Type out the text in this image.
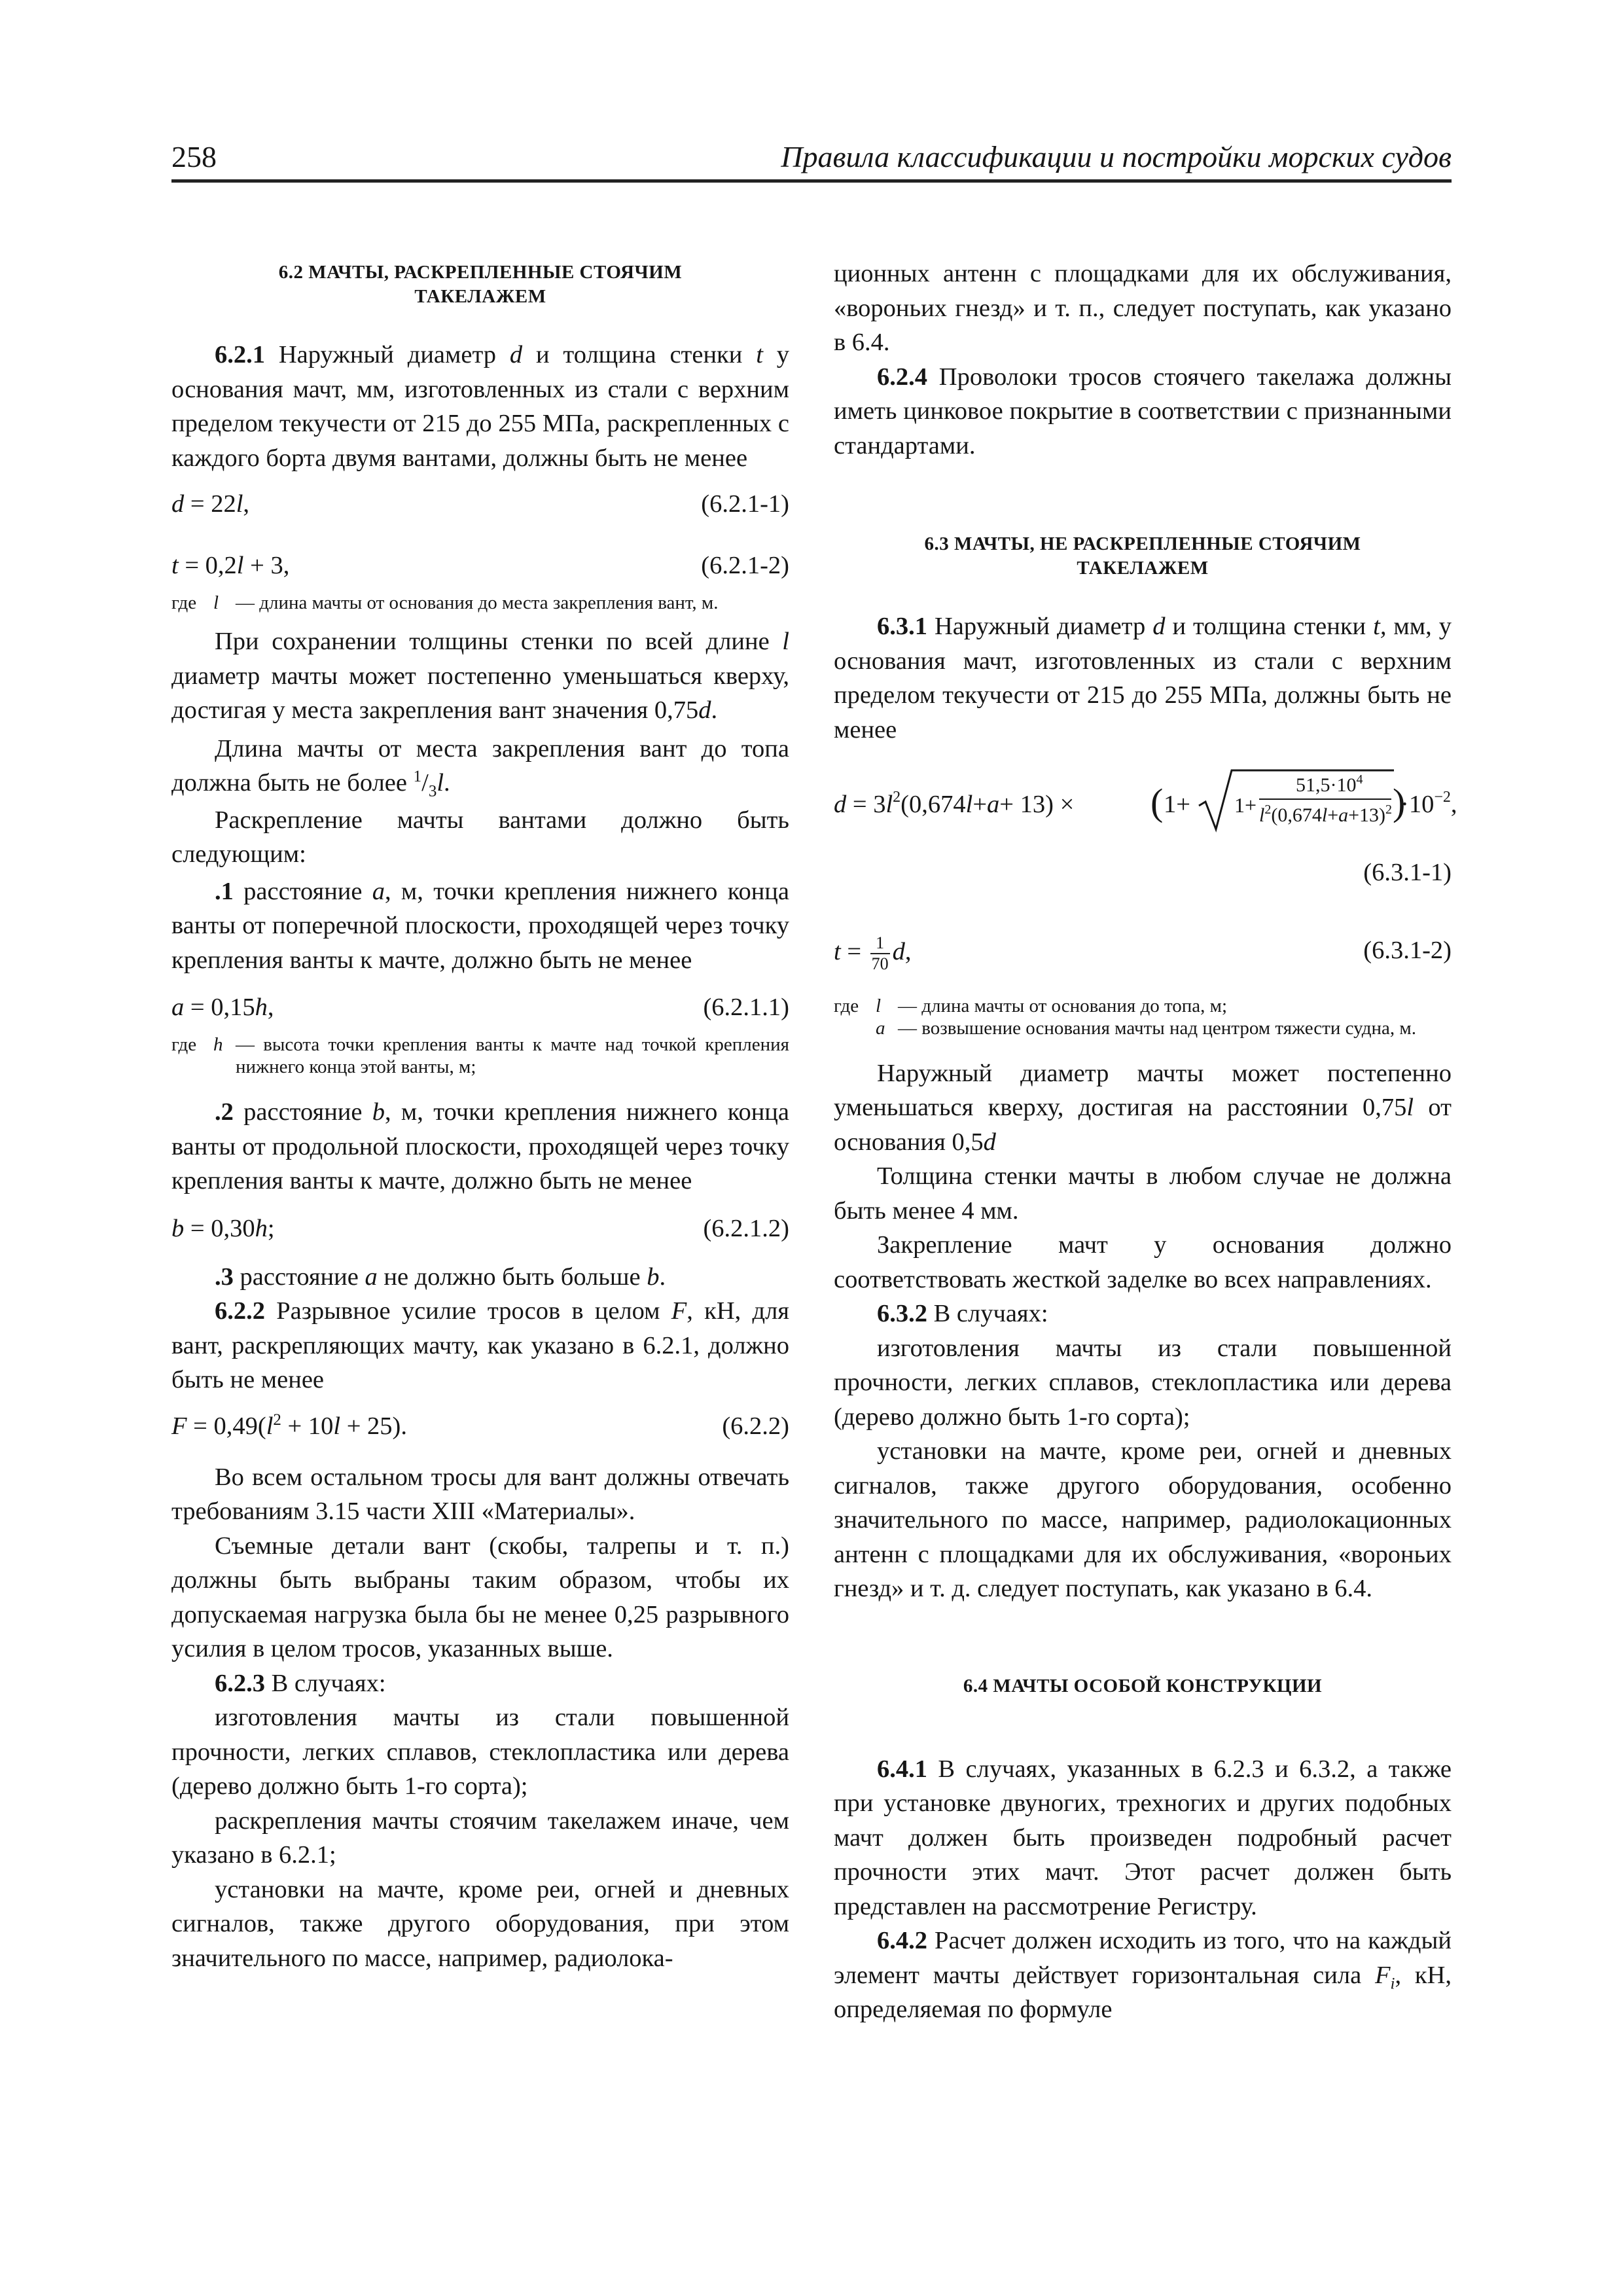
258	Правила классификации и постройки морских судов
6.2 МАЧТЫ, РАСКРЕПЛЕННЫЕ СТОЯЧИМ
ТАКЕЛАЖЕМ

6.2.1 Наружный диаметр d и толщина стенки t у основания мачт, мм, изготовленных из стали с верхним пределом текучести от 215 до 255 МПа, раскрепленных с каждого борта двумя вантами, должны быть не менее

d = 22l,	(6.2.1-1)
t = 0,2l + 3,	(6.2.1-2)
где l — длина мачты от основания до места закрепления вант, м.

При сохранении толщины стенки по всей длине l диаметр мачты может постепенно уменьшаться кверху, достигая у места закрепления вант значения 0,75d.

Длина мачты от места закрепления вант до топа должна быть не более $^1/_3l$.

Раскрепление мачты вантами должно быть следующим:

.1 расстояние a, м, точки крепления нижнего конца ванты от поперечной плоскости, проходящей через точку крепления ванты к мачте, должно быть не менее

a = 0,15h,	(6.2.1.1)
где h — высота точки крепления ванты к мачте над точкой крепления нижнего конца этой ванты, м;

.2 расстояние b, м, точки крепления нижнего конца ванты от продольной плоскости, проходящей через точку крепления ванты к мачте, должно быть не менее

b = 0,30h;	(6.2.1.2)

.3 расстояние a не должно быть больше b.

6.2.2 Разрывное усилие тросов в целом F, кН, для вант, раскрепляющих мачту, как указано в 6.2.1, должно быть не менее

$F = 0,49(l^2 + 10l + 25)$.	(6.2.2)

Во всем остальном тросы для вант должны отвечать требованиям 3.15 части XIII «Материалы».

Съемные детали вант (скобы, талрепы и т. п.) должны быть выбраны таким образом, чтобы их допускаемая нагрузка была бы не менее 0,25 разрывного усилия в целом тросов, указанных выше.

6.2.3 В случаях:

изготовления мачты из стали повышенной прочности, легких сплавов, стеклопластика или дерева (дерево должно быть 1-го сорта);

раскрепления мачты стоячим такелажем иначе, чем указано в 6.2.1;

установки на мачте, кроме реи, огней и дневных сигналов, также другого оборудования, при этом значительного по массе, например, радиолока-

ционных антенн с площадками для их обслуживания, «вороньих гнезд» и т. п., следует поступать, как указано в 6.4.

6.2.4 Проволоки тросов стоячего такелажа должны иметь цинковое покрытие в соответствии с признанными стандартами.

6.3 МАЧТЫ, НЕ РАСКРЕПЛЕННЫЕ СТОЯЧИМ
ТАКЕЛАЖЕМ

6.3.1 Наружный диаметр d и толщина стенки t, мм, у основания мачт, изготовленных из стали с верхним пределом текучести от 215 до 255 МПа, должны быть не менее

$d = 3l^2(0,674l+a+ 13)$ × ( 1+ 1+
$51,5\cdot 10^4$
$l^2(0,674l+a+13)^2$ )
$\cdot 10^{-2}$,

(6.3.1-1)

$t = \frac{1}{70} d$,	(6.3.1-2)
где l — длина мачты от основания до топа, м;
a — возвышение основания мачты над центром тяжести судна, м.

Наружный диаметр мачты может постепенно уменьшаться кверху, достигая на расстоянии 0,75l от основания 0,5d

Толщина стенки мачты в любом случае не должна быть менее 4 мм.

Закрепление мачт у основания должно соответствовать жесткой заделке во всех направлениях.

6.3.2 В случаях:

изготовления мачты из стали повышенной прочности, легких сплавов, стеклопластика или дерева (дерево должно быть 1-го сорта);

установки на мачте, кроме реи, огней и дневных сигналов, также другого оборудования, особенно значительного по массе, например, радиолокационных антенн с площадками для их обслуживания, «вороньих гнезд» и т. д. следует поступать, как указано в 6.4.

6.4 МАЧТЫ ОСОБОЙ КОНСТРУКЦИИ

6.4.1 В случаях, указанных в 6.2.3 и 6.3.2, а также при установке двуногих, трехногих и других подобных мачт должен быть произведен подробный расчет прочности этих мачт. Этот расчет должен быть представлен на рассмотрение Регистру.

6.4.2 Расчет должен исходить из того, что на каждый элемент мачты действует горизонтальная сила $F_i$, кН, определяемая по формуле
